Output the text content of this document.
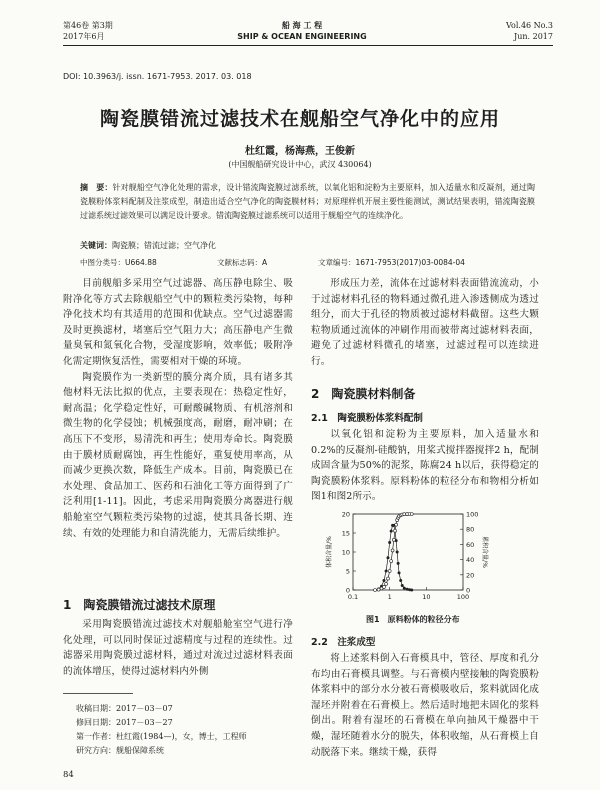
第46卷 第3期
2017年6月
船 海 工 程
SHIP & OCEAN ENGINEERING
Vol.46 No.3
Jun. 2017
DOI: 10.3963/j. issn. 1671-7953. 2017. 03. 018
陶瓷膜错流过滤技术在舰船空气净化中的应用
杜红霞，杨海燕，王俊新
(中国舰船研究设计中心，武汉 430064)
摘　要：针对舰船空气净化处理的需求，设计错流陶瓷膜过滤系统，以氧化铝和淀粉为主要原料，加入适量水和反凝剂，通过陶瓷膜粉体浆料配制及注浆成型，制造出适合空气净化的陶瓷膜材料；对原理样机开展主要性能测试，测试结果表明，错流陶瓷膜过滤系统过滤效果可以满足设计要求。错流陶瓷膜过滤系统可以适用于舰船空气的连续净化。
关键词：陶瓷膜；错流过滤；空气净化
中图分类号：U664.88	文献标志码：A	文章编号：1671-7953(2017)03-0084-04

目前舰船多采用空气过滤器、高压静电除尘、吸附净化等方式去除舰船空气中的颗粒类污染物，每种净化技术均有其适用的范围和优缺点。空气过滤器需及时更换滤材，堵塞后空气阻力大；高压静电产生微量臭氧和氮氧化合物，受湿度影响，效率低；吸附净化需定期恢复活性，需要相对干燥的环境。

陶瓷膜作为一类新型的膜分离介质，具有诸多其他材料无法比拟的优点，主要表现在：热稳定性好，耐高温；化学稳定性好，可耐酸碱物质、有机溶剂和微生物的化学侵蚀；机械强度高，耐磨，耐冲刷；在高压下不变形，易清洗和再生；使用寿命长。陶瓷膜由于膜材质耐腐蚀，再生性能好，重复使用率高，从而减少更换次数，降低生产成本。目前，陶瓷膜已在水处理、食品加工、医药和石油化工等方面得到了广泛利用[1-11]。因此，考虑采用陶瓷膜分离器进行舰船舱室空气颗粒类污染物的过滤，使其具备长期、连续、有效的处理能力和自清洗能力，无需后续维护。

1　陶瓷膜错流过滤技术原理

采用陶瓷膜错流过滤技术对舰船舱室空气进行净化处理，可以同时保证过滤精度与过程的连续性。过滤器采用陶瓷膜过滤材料，通过对流过过滤材料表面的流体增压，使得过滤材料内外侧

收稿日期：2017－03－07
修回日期：2017－03－27
第一作者：杜红霞(1984—)，女，博士，工程师
研究方向：舰船保障系统
84

形成压力差，流体在过滤材料表面错流流动，小于过滤材料孔径的物料通过微孔进入渗透侧成为透过组分，而大于孔径的物质被过滤材料截留。这些大颗粒物质通过流体的冲刷作用而被带离过滤材料表面，避免了过滤材料微孔的堵塞，过滤过程可以连续进行。

2　陶瓷膜材料制备
2.1　陶瓷膜粉体浆料配制

以氧化铝和淀粉为主要原料，加入适量水和0.2%的反凝剂-硅酸钠，用桨式搅拌器搅拌2 h，配制成固含量为50%的泥浆，陈腐24 h以后，获得稳定的陶瓷膜粉体浆料。原料粉体的粒径分布和物相分析如图1和图2所示。

0
5
10
15
20
0
20
40
60
80
100
0.1	1	10	100
体积含量/%	累积含量/%
图1　原料粉体的粒径分布
2.2　注浆成型

将上述浆料倒入石膏模具中，管径、厚度和孔分布均由石膏模具调整。与石膏模内壁接触的陶瓷膜粉体浆料中的部分水分被石膏模吸收后，浆料就固化成湿坯并附着在石膏模上。然后适时地把未固化的浆料倒出。附着有湿坯的石膏模在单向抽风干燥器中干燥，湿坯随着水分的脱失，体积收缩，从石膏模上自动脱落下来。继续干燥，获得
